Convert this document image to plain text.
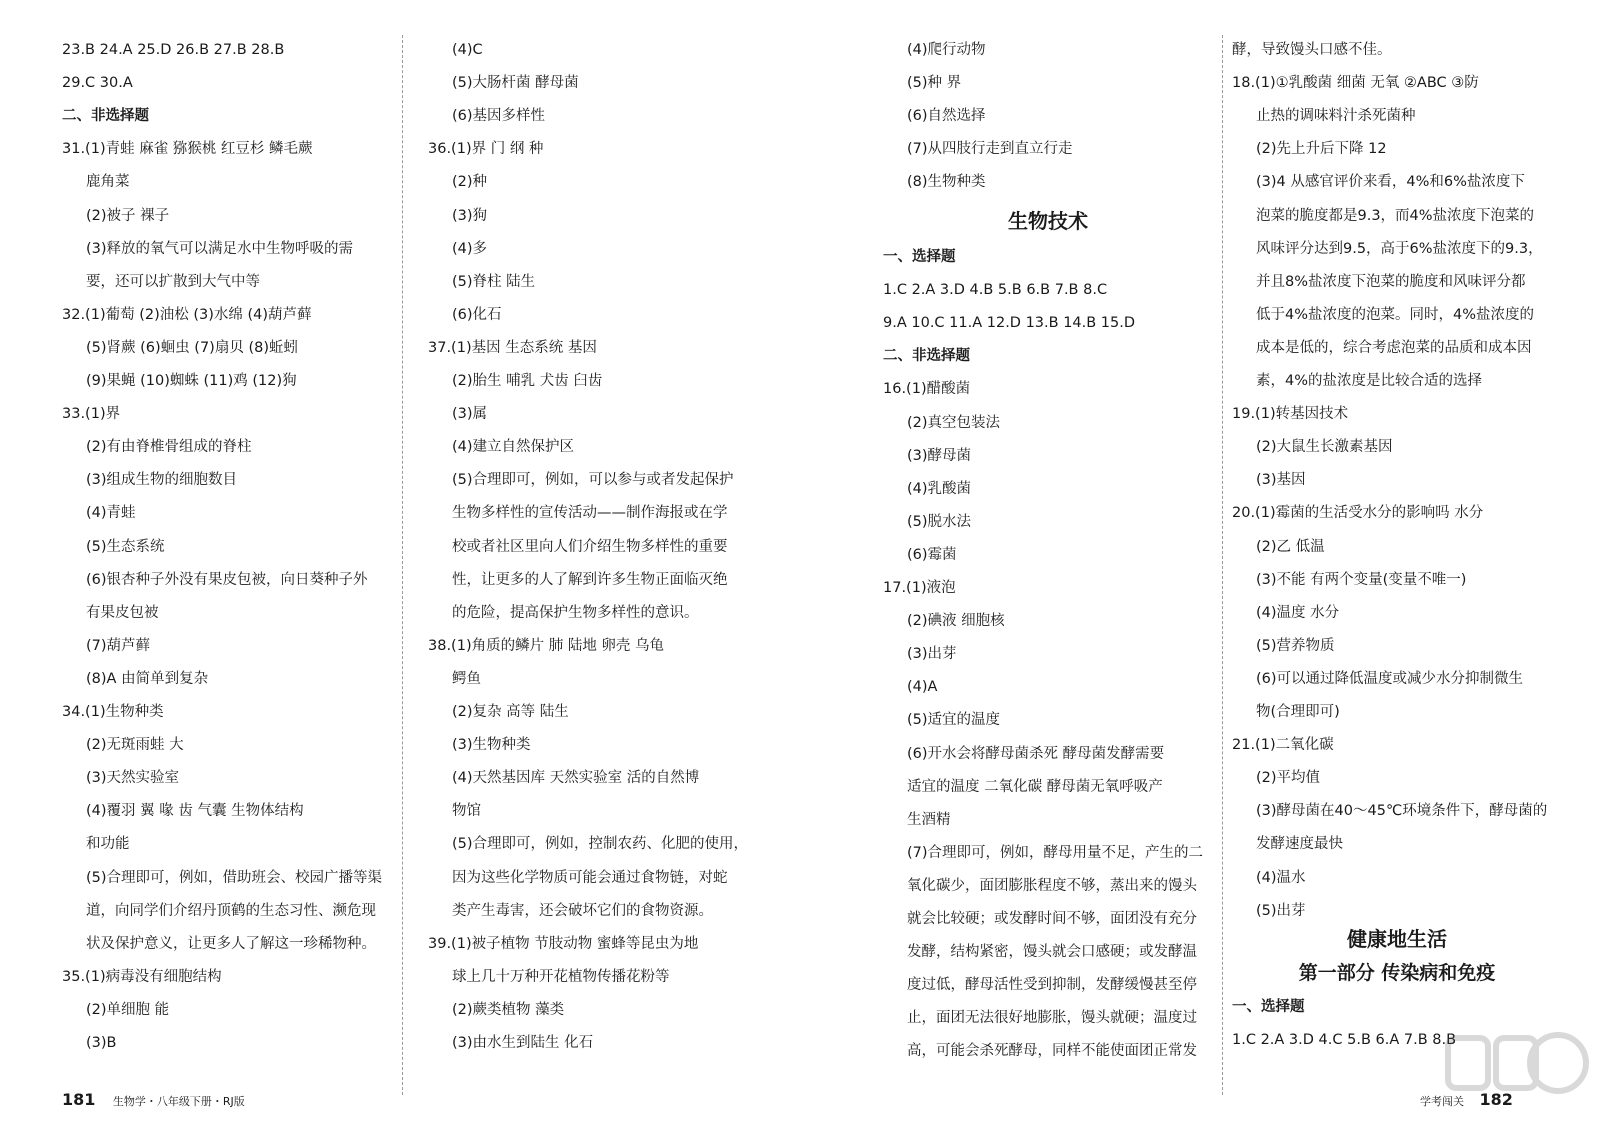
23.B 24.A 25.D 26.B 27.B 28.B
29.C 30.A
二、非选择题
31.(1)青蛙 麻雀 猕猴桃 红豆杉 鳞毛蕨
鹿角菜
(2)被子 裸子
(3)释放的氧气可以满足水中生物呼吸的需
要，还可以扩散到大气中等
32.(1)葡萄 (2)油松 (3)水绵 (4)葫芦藓
(5)肾蕨 (6)蛔虫 (7)扇贝 (8)蚯蚓
(9)果蝇 (10)蜘蛛 (11)鸡 (12)狗
33.(1)界
(2)有由脊椎骨组成的脊柱
(3)组成生物的细胞数目
(4)青蛙
(5)生态系统
(6)银杏种子外没有果皮包被，向日葵种子外
有果皮包被
(7)葫芦藓
(8)A 由简单到复杂
34.(1)生物种类
(2)无斑雨蛙 大
(3)天然实验室
(4)覆羽 翼 喙 齿 气囊 生物体结构
和功能
(5)合理即可，例如，借助班会、校园广播等渠
道，向同学们介绍丹顶鹤的生态习性、濒危现
状及保护意义，让更多人了解这一珍稀物种。
35.(1)病毒没有细胞结构
(2)单细胞 能
(3)B
(4)C
(5)大肠杆菌 酵母菌
(6)基因多样性
36.(1)界 门 纲 种
(2)种
(3)狗
(4)多
(5)脊柱 陆生
(6)化石
37.(1)基因 生态系统 基因
(2)胎生 哺乳 犬齿 臼齿
(3)属
(4)建立自然保护区
(5)合理即可，例如，可以参与或者发起保护
生物多样性的宣传活动——制作海报或在学
校或者社区里向人们介绍生物多样性的重要
性，让更多的人了解到许多生物正面临灭绝
的危险，提高保护生物多样性的意识。
38.(1)角质的鳞片 肺 陆地 卵壳 乌龟
鳄鱼
(2)复杂 高等 陆生
(3)生物种类
(4)天然基因库 天然实验室 活的自然博
物馆
(5)合理即可，例如，控制农药、化肥的使用，
因为这些化学物质可能会通过食物链，对蛇
类产生毒害，还会破坏它们的食物资源。
39.(1)被子植物 节肢动物 蜜蜂等昆虫为地
球上几十万种开花植物传播花粉等
(2)蕨类植物 藻类
(3)由水生到陆生 化石
(4)爬行动物
(5)种 界
(6)自然选择
(7)从四肢行走到直立行走
(8)生物种类
生物技术
一、选择题
1.C 2.A 3.D 4.B 5.B 6.B 7.B 8.C
9.A 10.C 11.A 12.D 13.B 14.B 15.D
二、非选择题
16.(1)醋酸菌
(2)真空包装法
(3)酵母菌
(4)乳酸菌
(5)脱水法
(6)霉菌
17.(1)液泡
(2)碘液 细胞核
(3)出芽
(4)A
(5)适宜的温度
(6)开水会将酵母菌杀死 酵母菌发酵需要
适宜的温度 二氧化碳 酵母菌无氧呼吸产
生酒精
(7)合理即可，例如，酵母用量不足，产生的二
氧化碳少，面团膨胀程度不够，蒸出来的馒头
就会比较硬；或发酵时间不够，面团没有充分
发酵，结构紧密，馒头就会口感硬；或发酵温
度过低，酵母活性受到抑制，发酵缓慢甚至停
止，面团无法很好地膨胀，馒头就硬；温度过
高，可能会杀死酵母，同样不能使面团正常发
酵，导致馒头口感不佳。
18.(1)①乳酸菌 细菌 无氧 ②ABC ③防
止热的调味料汁杀死菌种
(2)先上升后下降 12
(3)4 从感官评价来看，4%和6%盐浓度下
泡菜的脆度都是9.3，而4%盐浓度下泡菜的
风味评分达到9.5，高于6%盐浓度下的9.3，
并且8%盐浓度下泡菜的脆度和风味评分都
低于4%盐浓度的泡菜。同时，4%盐浓度的
成本是低的，综合考虑泡菜的品质和成本因
素，4%的盐浓度是比较合适的选择
19.(1)转基因技术
(2)大鼠生长激素基因
(3)基因
20.(1)霉菌的生活受水分的影响吗 水分
(2)乙 低温
(3)不能 有两个变量(变量不唯一)
(4)温度 水分
(5)营养物质
(6)可以通过降低温度或减少水分抑制微生
物(合理即可)
21.(1)二氧化碳
(2)平均值
(3)酵母菌在40～45℃环境条件下，酵母菌的
发酵速度最快
(4)温水
(5)出芽
健康地生活
第一部分 传染病和免疫
一、选择题
1.C 2.A 3.D 4.C 5.B 6.A 7.B 8.B
181 生物学・八年级下册・RJ版	学考闯关 182
